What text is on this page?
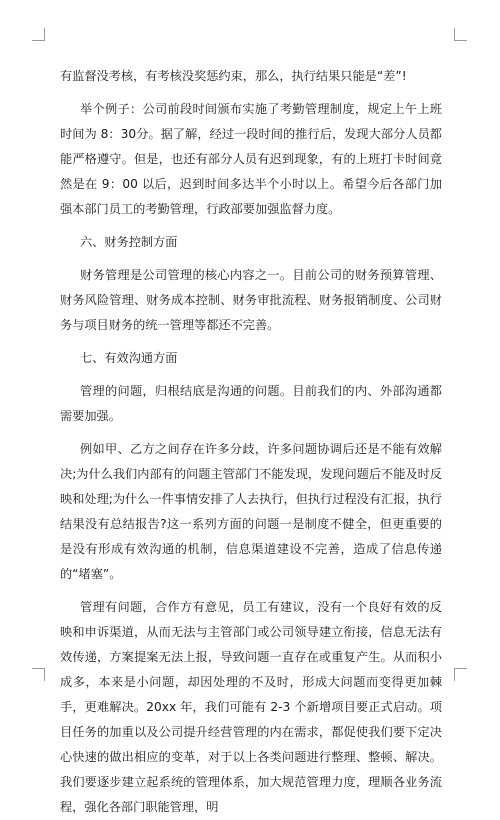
有监督没考核，有考核没奖惩约束，那么，执行结果只能是“差”!

举个例子：公司前段时间颁布实施了考勤管理制度，规定上午上班时间为 8：30分。据了解，经过一段时间的推行后，发现大部分人员都能严格遵守。但是，也还有部分人员有迟到现象，有的上班打卡时间竟然是在 9：00 以后，迟到时间多达半个小时以上。希望今后各部门加强本部门员工的考勤管理，行政部要加强监督力度。

六、财务控制方面

财务管理是公司管理的核心内容之一。目前公司的财务预算管理、财务风险管理、财务成本控制、财务审批流程、财务报销制度、公司财务与项目财务的统一管理等都还不完善。

七、有效沟通方面

管理的问题，归根结底是沟通的问题。目前我们的内、外部沟通都需要加强。

例如甲、乙方之间存在许多分歧，许多问题协调后还是不能有效解决;为什么我们内部有的问题主管部门不能发现，发现问题后不能及时反映和处理;为什么一件事情安排了人去执行，但执行过程没有汇报，执行结果没有总结报告?这一系列方面的问题一是制度不健全，但更重要的是没有形成有效沟通的机制，信息渠道建设不完善，造成了信息传递的“堵塞”。

管理有问题，合作方有意见，员工有建议，没有一个良好有效的反映和申诉渠道，从而无法与主管部门或公司领导建立衔接，信息无法有效传递，方案提案无法上报，导致问题一直存在或重复产生。从而积小成多，本来是小问题，却因处理的不及时，形成大问题而变得更加棘手，更难解决。20xx 年，我们可能有 2-3 个新增项目要正式启动。项目任务的加重以及公司提升经营管理的内在需求，都促使我们要下定决心快速的做出相应的变革，对于以上各类问题进行整理、整顿、解决。我们要逐步建立起系统的管理体系，加大规范管理力度，理顺各业务流程，强化各部门职能管理，明
